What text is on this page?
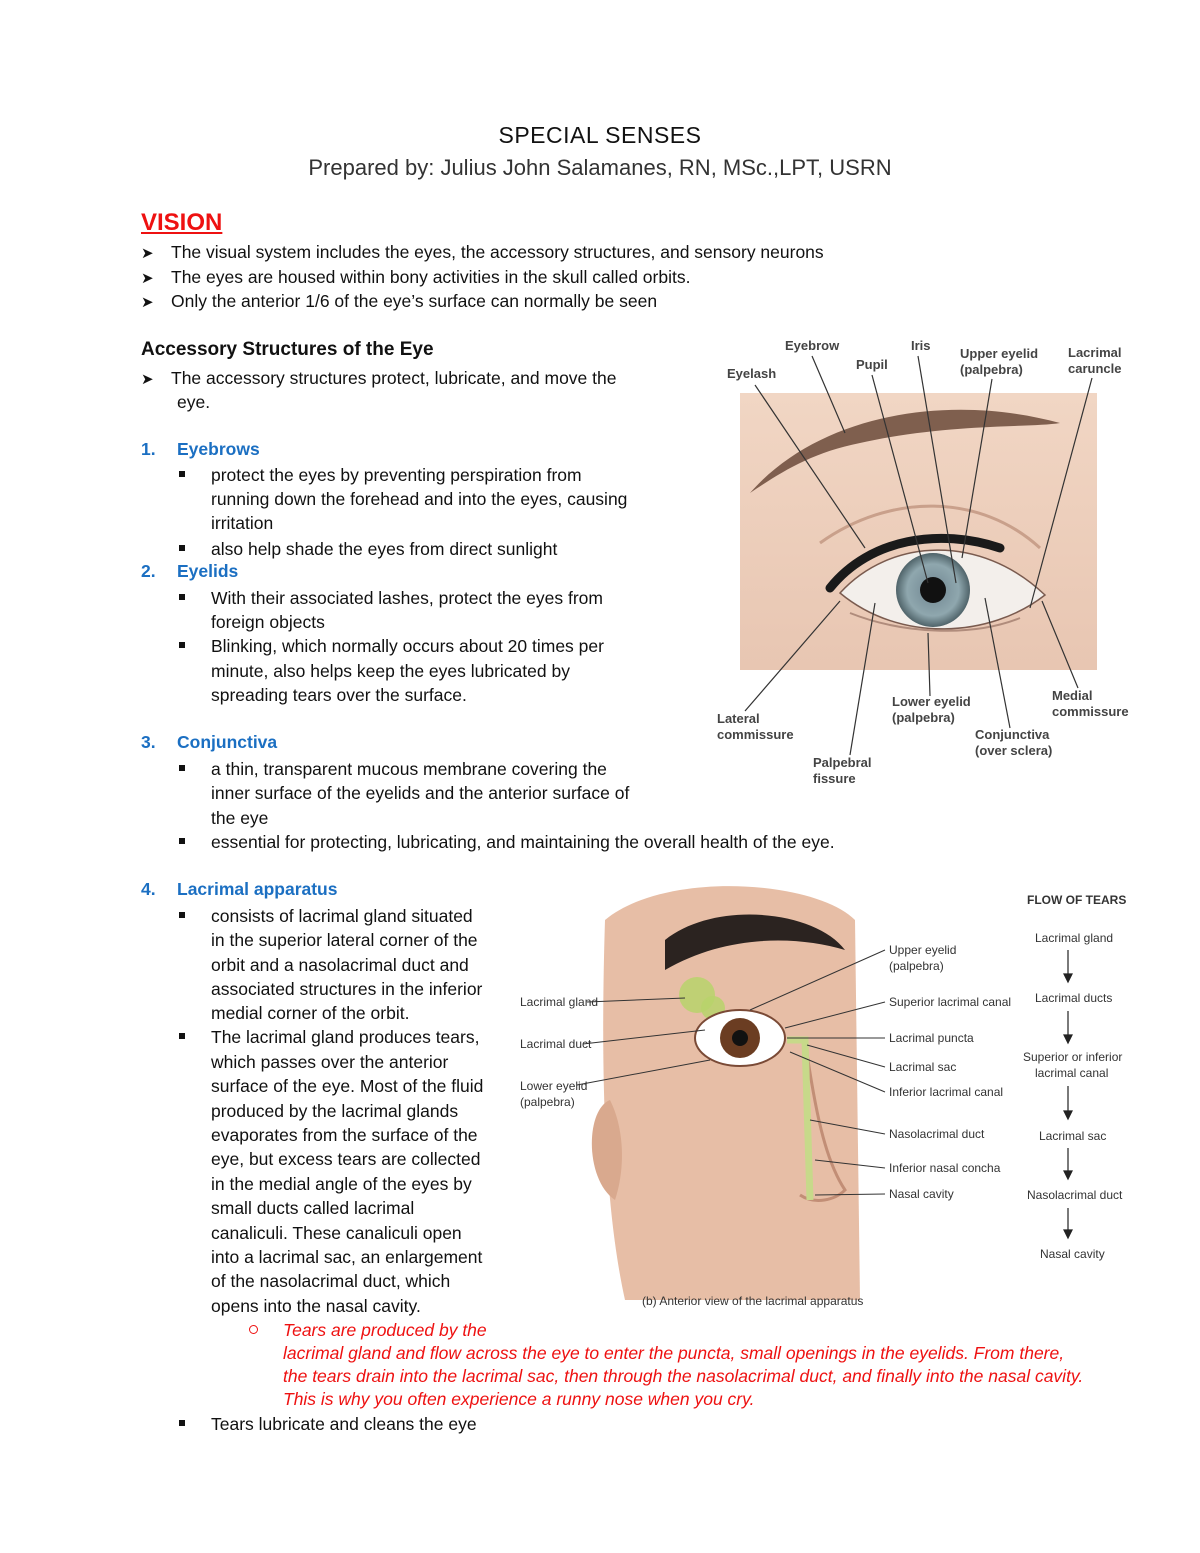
SPECIAL SENSES
Prepared by: Julius John Salamanes, RN, MSc.,LPT, USRN
VISION
➤ The visual system includes the eyes, the accessory structures, and sensory neurons
➤ The eyes are housed within bony activities in the skull called orbits.
➤ Only the anterior 1/6 of the eye’s surface can normally be seen
Accessory Structures of the Eye
➤ The accessory structures protect, lubricate, and move the
eye.
1. Eyebrows
protect the eyes by preventing perspiration from
running down the forehead and into the eyes, causing
irritation
also help shade the eyes from direct sunlight
2. Eyelids
With their associated lashes, protect the eyes from
foreign objects
Blinking, which normally occurs about 20 times per
minute, also helps keep the eyes lubricated by
spreading tears over the surface.
3. Conjunctiva
a thin, transparent mucous membrane covering the
inner surface of the eyelids and the anterior surface of
the eye
essential for protecting, lubricating, and maintaining the overall health of the eye.
4. Lacrimal apparatus
consists of lacrimal gland situated
in the superior lateral corner of the
orbit and a nasolacrimal duct and
associated structures in the inferior
medial corner of the orbit.
The lacrimal gland produces tears,
which passes over the anterior
surface of the eye. Most of the fluid
produced by the lacrimal glands
evaporates from the surface of the
eye, but excess tears are collected
in the medial angle of the eyes by
small ducts called lacrimal
canaliculi. These canaliculi open
into a lacrimal sac, an enlargement
of the nasolacrimal duct, which
opens into the nasal cavity.
Tears are produced by the
lacrimal gland and flow across the eye to enter the puncta, small openings in the eyelids. From there,
the tears drain into the lacrimal sac, then through the nasolacrimal duct, and finally into the nasal cavity.
This is why you often experience a runny nose when you cry.
Tears lubricate and cleans the eye
Eyebrow	Iris
Upper eyelid
(palpebra)
Lacrimal
caruncle
Eyelash
Pupil
Lateral
commissure
Palpebral
fissure
Lower eyelid
(palpebra)
Conjunctiva
(over sclera)
Medial
commissure
Lacrimal gland
Lacrimal duct
Lower eyelid
(palpebra)
Upper eyelid
(palpebra)
Superior lacrimal canal
Lacrimal puncta
Lacrimal sac
Inferior lacrimal canal
Nasolacrimal duct
Inferior nasal concha
Nasal cavity
(b) Anterior view of the lacrimal apparatus
FLOW OF TEARS
Lacrimal gland
Lacrimal ducts
Superior or inferior
lacrimal canal
Lacrimal sac
Nasolacrimal duct
Nasal cavity
